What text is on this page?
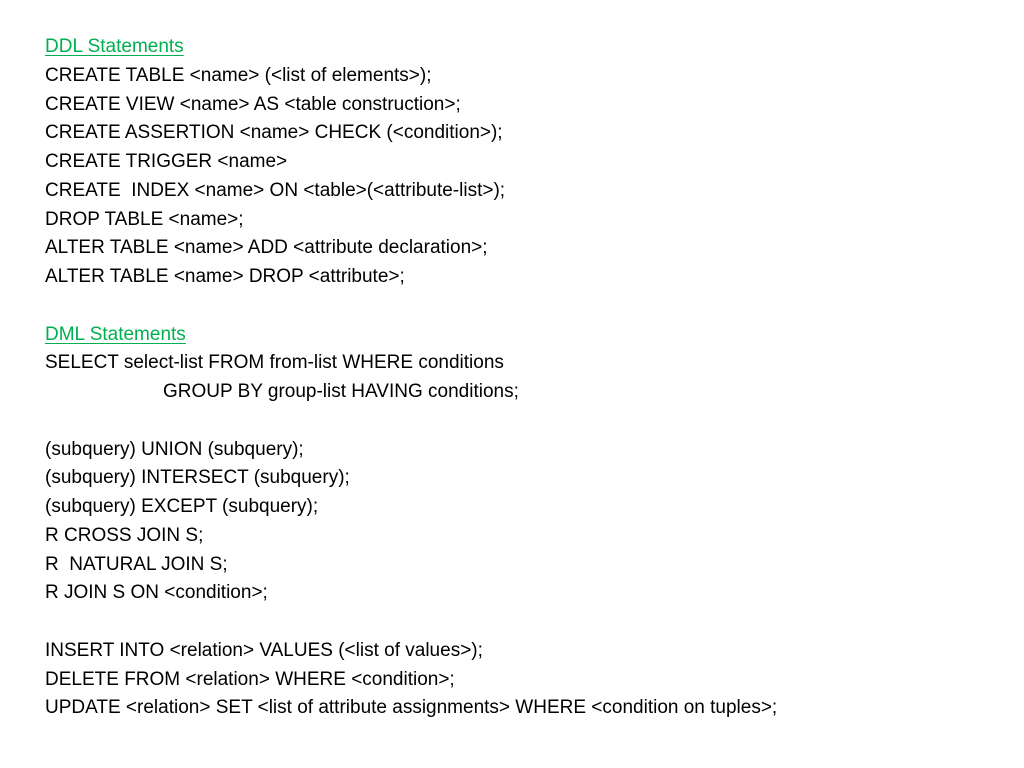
DDL Statements
CREATE TABLE <name> (<list of elements>);
CREATE VIEW <name> AS <table construction>;
CREATE ASSERTION <name> CHECK (<condition>);
CREATE TRIGGER <name>
CREATE  INDEX <name> ON <table>(<attribute-list>);
DROP TABLE <name>;
ALTER TABLE <name> ADD <attribute declaration>;
ALTER TABLE <name> DROP <attribute>;
DML Statements
SELECT select-list FROM from-list WHERE conditions
GROUP BY group-list HAVING conditions;
(subquery) UNION (subquery);
(subquery) INTERSECT (subquery);
(subquery) EXCEPT (subquery);
R CROSS JOIN S;
R  NATURAL JOIN S;
R JOIN S ON <condition>;
INSERT INTO <relation> VALUES (<list of values>);
DELETE FROM <relation> WHERE <condition>;
UPDATE <relation> SET <list of attribute assignments> WHERE <condition on tuples>;
